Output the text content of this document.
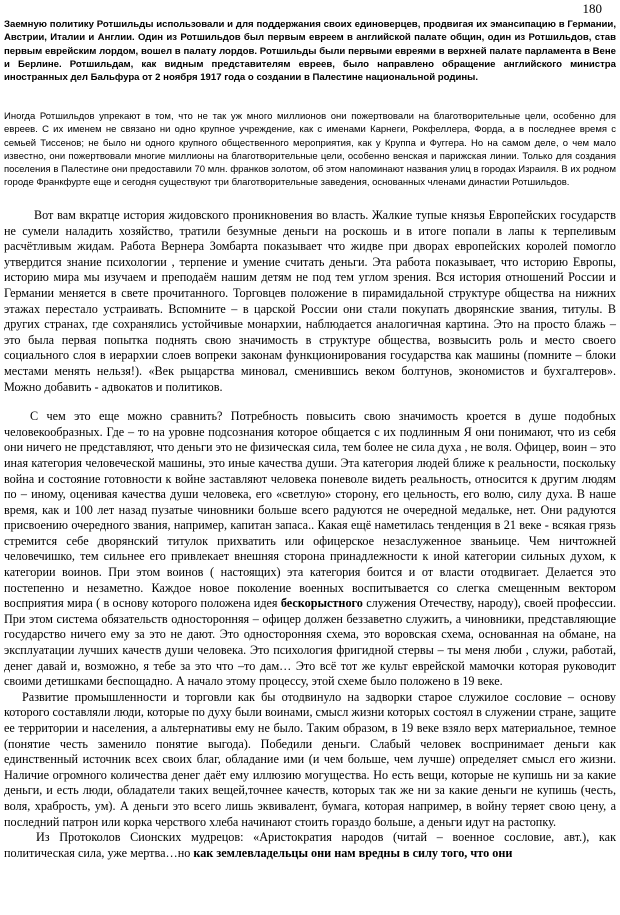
180

Заемную политику Ротшильды использовали и для поддержания своих единоверцев, продвигая их эмансипацию в Германии, Австрии, Италии и Англии. Один из Ротшильдов был первым евреем в английской палате общин, один из Ротшильдов, став первым еврейским лордом, вошел в палату лордов. Ротшильды были первыми евреями в верхней палате парламента в Вене и Берлине. Ротшильдам, как видным представителям евреев, было направлено обращение английского министра иностранных дел Бальфура от 2 ноября 1917 года о создании в Палестине национальной родины.

Иногда Ротшильдов упрекают в том, что не так уж много миллионов они пожертвовали на благотворительные цели, особенно для евреев. С их именем не связано ни одно крупное учреждение, как с именами Карнеги, Рокфеллера, Форда, а в последнее время с семьей Тиссенов; не было ни одного крупного общественного мероприятия, как у Круппа и Фуггера. Но на самом деле, о чем мало известно, они пожертвовали многие миллионы на благотворительные цели, особенно венская и парижская линии. Только для создания поселения в Палестине они предоставили 70 млн. франков золотом, об этом напоминают названия улиц в городах Израиля. В их родном городе Франкфурте еще и сегодня существуют три благотворительные заведения, основанных членами династии Ротшильдов.

Вот вам вкратце история жидовского проникновения во власть. Жалкие тупые князья Европейских государств не сумели наладить хозяйство, тратили безумные деньги на роскошь и в итоге попали в лапы к терпеливым расчётливым жидам. Работа Вернера Зомбарта показывает что жидве при дворах европейских королей помогло утвердится знание психологии , терпение и умение считать деньги. Эта работа показывает, что историю Европы, историю мира мы изучаем и преподаём нашим детям не под тем углом зрения. Вся история отношений России и Германии меняется в свете прочитанного. Торговцев положение в пирамидальной структуре общества на нижних этажах перестало устраивать. Вспомните – в царской России они стали покупать дворянские звания, титулы. В других странах, где сохранялись устойчивые монархии, наблюдается аналогичная картина. Это на просто блажь – это была первая попытка поднять свою значимость в структуре общества, возвысить роль и место своего социального слоя в иерархии слоев вопреки законам функционирования государства как машины (помните – блоки местами менять нельзя!). «Век рыцарства миновал, сменившись веком болтунов, экономистов и бухгалтеров». Можно добавить - адвокатов и политиков.

С чем это еще можно сравнить? Потребность повысить свою значимость кроется в душе подобных человекообразных. Где – то на уровне подсознания которое общается с их подлинным Я они понимают, что из себя они ничего не представляют, что деньги это не физическая сила, тем более не сила духа , не воля. Офицер, воин – это иная категория человеческой машины, это иные качества души. Эта категория людей ближе к реальности, поскольку война и состояние готовности к войне заставляют человека поневоле видеть реальность, относится к другим людям по – иному, оценивая качества души человека, его «светлую» сторону, его цельность, его волю, силу духа. В наше время, как и 100 лет назад пузатые чиновники больше всего радуются не очередной медальке, нет. Они радуются присвоению очередного звания, например, капитан запаса.. Какая ещё наметилась тенденция в 21 веке - всякая грязь стремится себе дворянский титулок прихватить или офицерское незаслуженное званьице. Чем ничтожней человечишко, тем сильнее его привлекает внешняя сторона принадлежности к иной категории сильных духом, к категории воинов. При этом воинов ( настоящих) эта категория боится и от власти отодвигает. Делается это постепенно и незаметно. Каждое новое поколение военных воспитывается со слегка смещенным вектором восприятия мира ( в основу которого положена идея бескорыстного служения Отечеству, народу), своей профессии. При этом система обязательств односторонняя – офицер должен беззаветно служить, а чиновники, представляющие государство ничего ему за это не дают. Это односторонняя схема, это воровская схема, основанная на обмане, на эксплуатации лучших качеств души человека. Это психология фригидной стервы – ты меня люби , служи, работай, денег давай и, возможно, я тебе за это что –то дам… Это всё тот же культ еврейской мамочки которая руководит своими детишками беспощадно. А начало этому процессу, этой схеме было положено в 19 веке.

Развитие промышленности и торговли как бы отодвинуло на задворки старое служилое сословие – основу которого составляли люди, которые по духу были воинами, смысл жизни которых состоял в служении стране, защите ее территории и населения, а альтернативы ему не было. Таким образом, в 19 веке взяло верх материальное, темное (понятие честь заменило понятие выгода). Победили деньги. Слабый человек воспринимает деньги как единственный источник всех своих благ, обладание ими (и чем больше, чем лучше) определяет смысл его жизни. Наличие огромного количества денег даёт ему иллюзию могущества. Но есть вещи, которые не купишь ни за какие деньги, и есть люди, обладатели таких вещей,точнее качеств, которых так же ни за какие деньги не купишь (честь, воля, храбрость, ум). А деньги это всего лишь эквивалент, бумага, которая например, в войну теряет свою цену, а последний патрон или корка черствого хлеба начинают стоить гораздо больше, а деньги идут на растопку.

Из Протоколов Сионских мудрецов: «Аристократия народов (читай – военное сословие, авт.), как политическая сила, уже мертва…но как землевладельцы они нам вредны в силу того, что они
